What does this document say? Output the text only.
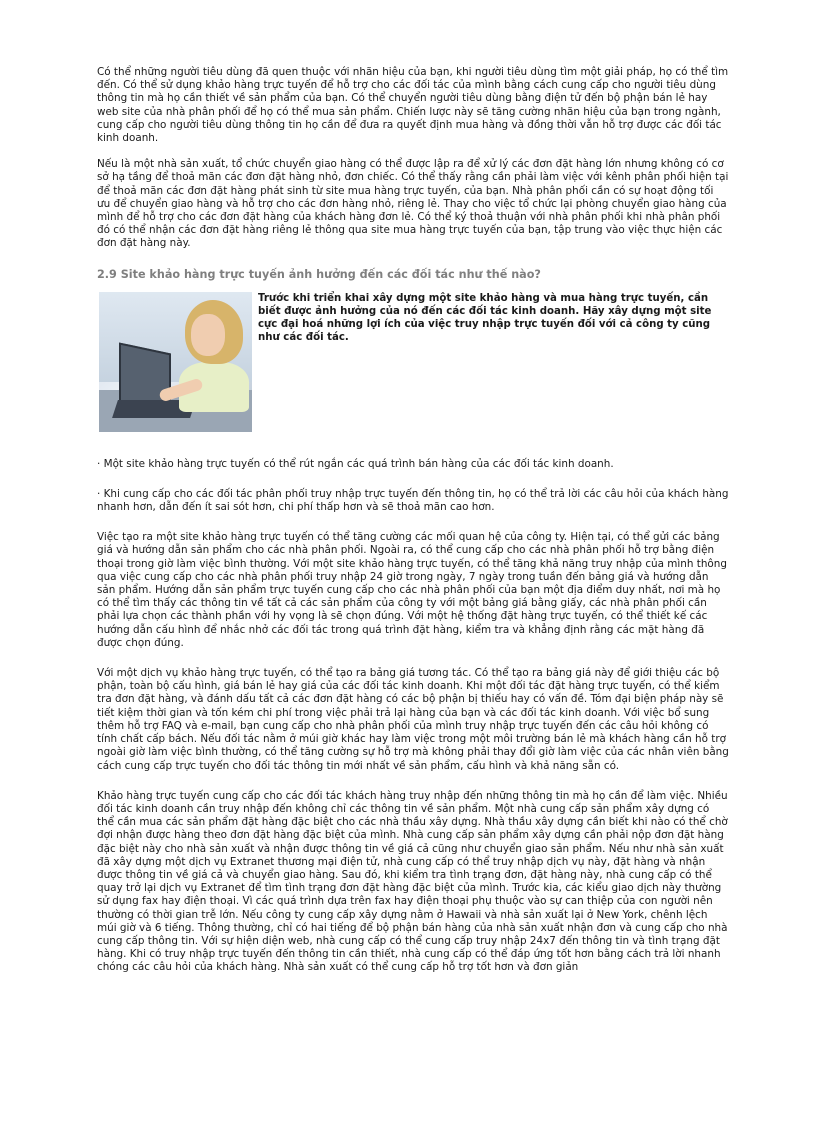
Có thể những người tiêu dùng đã quen thuộc với nhãn hiệu của bạn, khi người tiêu dùng tìm một giải pháp, họ có thể tìm đến. Có thể sử dụng khảo hàng trực tuyến để hỗ trợ cho các đối tác của mình bằng cách cung cấp cho người tiêu dùng thông tin mà họ cần thiết về sản phẩm của bạn. Có thể chuyển người tiêu dùng bằng điện tử đến bộ phận bán lẻ hay web site của nhà phân phối để họ có thể mua sản phẩm. Chiến lược này sẽ tăng cường nhãn hiệu của bạn trong ngành, cung cấp cho người tiêu dùng thông tin họ cần để đưa ra quyết định mua hàng và đồng thời vẫn hỗ trợ được các đối tác kinh doanh.

Nếu là một nhà sản xuất, tổ chức chuyển giao hàng có thể được lập ra để xử lý các đơn đặt hàng lớn nhưng không có cơ sở hạ tầng để thoả mãn các đơn đặt hàng nhỏ, đơn chiếc. Có thể thấy rằng cần phải làm việc với kênh phân phối hiện tại để thoả mãn các đơn đặt hàng phát sinh từ site mua hàng trực tuyến, của bạn. Nhà phân phối cần có sự hoạt động tối ưu để chuyển giao hàng và hỗ trợ cho các đơn hàng nhỏ, riêng lẻ. Thay cho việc tổ chức lại phòng chuyển giao hàng của mình để hỗ trợ cho các đơn đặt hàng của khách hàng đơn lẻ. Có thể ký thoả thuận với nhà phân phối khi nhà phân phối đó có thể nhận các đơn đặt hàng riêng lẻ thông qua site mua hàng trực tuyến của bạn, tập trung vào việc thực hiện các đơn đặt hàng này.

2.9 Site khảo hàng trực tuyến ảnh hưởng đến các đối tác như thế nào?

Trước khi triển khai xây dựng một site khảo hàng và mua hàng trực tuyến, cần biết được ảnh hưởng của nó đến các đối tác kinh doanh. Hãy xây dựng một site cực đại hoá những lợi ích của việc truy nhập trực tuyến đối với cả công ty cũng như các đối tác.

· Một site khảo hàng trực tuyến có thể rút ngắn các quá trình bán hàng của các đối tác kinh doanh.

· Khi cung cấp cho các đối tác phân phối truy nhập trực tuyến đến thông tin, họ có thể trả lời các câu hỏi của khách hàng nhanh hơn, dẫn đến ít sai sót hơn, chi phí thấp hơn và sẽ thoả mãn cao hơn.

Việc tạo ra một site khảo hàng trực tuyến có thể tăng cường các mối quan hệ của công ty. Hiện tại, có thể gửi các bảng giá và hướng dẫn sản phẩm cho các nhà phân phối. Ngoài ra, có thể cung cấp cho các nhà phân phối hỗ trợ bằng điện thoại trong giờ làm việc bình thường. Với một site khảo hàng trực tuyến, có thể tăng khả năng truy nhập của mình thông qua việc cung cấp cho các nhà phân phối truy nhập 24 giờ trong ngày, 7 ngày trong tuần đến bảng giá và hướng dẫn sản phẩm. Hướng dẫn sản phẩm trực tuyến cung cấp cho các nhà phân phối của bạn một địa điểm duy nhất, nơi mà họ có thể tìm thấy các thông tin về tất cả các sản phẩm của công ty với một bảng giá bằng giấy, các nhà phân phối cần phải lựa chọn các thành phần với hy vọng là sẽ chọn đúng. Với một hệ thống đặt hàng trực tuyến, có thể thiết kế các hướng dẫn cấu hình để nhắc nhở các đối tác trong quá trình đặt hàng, kiểm tra và khẳng định rằng các mặt hàng đã được chọn đúng.

Với một dịch vụ khảo hàng trực tuyến, có thể tạo ra bảng giá tương tác. Có thể tạo ra bảng giá này để giới thiệu các bộ phận, toàn bộ cấu hình, giá bán lẻ hay giá của các đối tác kinh doanh. Khi một đối tác đặt hàng trực tuyến, có thể kiểm tra đơn đặt hàng, và đánh dấu tất cả các đơn đặt hàng có các bộ phận bị thiếu hay có vấn đề. Tóm đại biện pháp này sẽ tiết kiệm thời gian và tốn kém chi phí trong việc phải trả lại hàng của bạn và các đối tác kinh doanh. Với việc bổ sung thêm hỗ trợ FAQ và e-mail, bạn cung cấp cho nhà phân phối của mình truy nhập trực tuyến đến các câu hỏi không có tính chất cấp bách. Nếu đối tác nằm ở múi giờ khác hay làm việc trong một môi trường bán lẻ mà khách hàng cần hỗ trợ ngoài giờ làm việc bình thường, có thể tăng cường sự hỗ trợ mà không phải thay đổi giờ làm việc của các nhân viên bằng cách cung cấp trực tuyến cho đối tác thông tin mới nhất về sản phẩm, cấu hình và khả năng sẵn có.

Khảo hàng trực tuyến cung cấp cho các đối tác khách hàng truy nhập đến những thông tin mà họ cần để làm việc. Nhiều đối tác kinh doanh cần truy nhập đến không chỉ các thông tin về sản phẩm. Một nhà cung cấp sản phẩm xây dựng có thể cần mua các sản phẩm đặt hàng đặc biệt cho các nhà thầu xây dựng. Nhà thầu xây dựng cần biết khi nào có thể chờ đợi nhận được hàng theo đơn đặt hàng đặc biệt của mình. Nhà cung cấp sản phẩm xây dựng cần phải nộp đơn đặt hàng đặc biệt này cho nhà sản xuất và nhận được thông tin về giá cả cũng như chuyển giao sản phẩm. Nếu như nhà sản xuất đã xây dựng một dịch vụ Extranet thương mại điện tử, nhà cung cấp có thể truy nhập dịch vụ này, đặt hàng và nhận được thông tin về giá cả và chuyển giao hàng. Sau đó, khi kiểm tra tình trạng đơn, đặt hàng này, nhà cung cấp có thể quay trở lại dịch vụ Extranet để tìm tình trạng đơn đặt hàng đặc biệt của mình. Trước kia, các kiểu giao dịch này thường sử dụng fax hay điện thoại. Vì các quá trình dựa trên fax hay điện thoại phụ thuộc vào sự can thiệp của con người nên thường có thời gian trễ lớn. Nếu công ty cung cấp xây dựng nằm ở Hawaii và nhà sản xuất lại ở New York, chênh lệch múi giờ và 6 tiếng. Thông thường, chỉ có hai tiếng để bộ phận bán hàng của nhà sản xuất nhận đơn và cung cấp cho nhà cung cấp thông tin. Với sự hiện diện web, nhà cung cấp có thể cung cấp truy nhập 24x7 đến thông tin và tình trạng đặt hàng. Khi có truy nhập trực tuyến đến thông tin cần thiết, nhà cung cấp có thể đáp ứng tốt hơn bằng cách trả lời nhanh chóng các câu hỏi của khách hàng. Nhà sản xuất có thể cung cấp hỗ trợ tốt hơn và đơn giản
